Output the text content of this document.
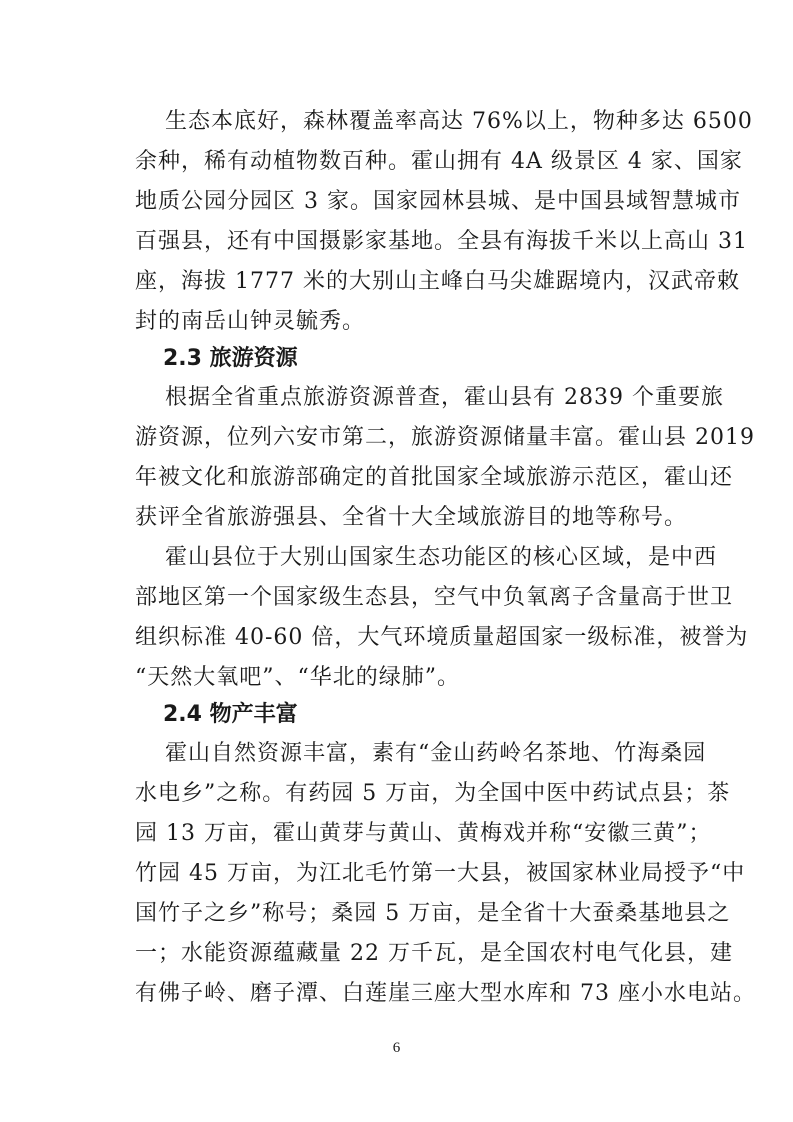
生态本底好，森林覆盖率高达 76%以上，物种多达 6500
余种，稀有动植物数百种。霍山拥有 4A 级景区 4 家、国家
地质公园分园区 3 家。国家园林县城、是中国县域智慧城市
百强县，还有中国摄影家基地。全县有海拔千米以上高山 31
座，海拔 1777 米的大别山主峰白马尖雄踞境内，汉武帝敕
封的南岳山钟灵毓秀。
2.3 旅游资源
根据全省重点旅游资源普查，霍山县有 2839 个重要旅
游资源，位列六安市第二，旅游资源储量丰富。霍山县 2019
年被文化和旅游部确定的首批国家全域旅游示范区，霍山还
获评全省旅游强县、全省十大全域旅游目的地等称号。
霍山县位于大别山国家生态功能区的核心区域，是中西
部地区第一个国家级生态县，空气中负氧离子含量高于世卫
组织标准 40-60 倍，大气环境质量超国家一级标准，被誉为
“天然大氧吧”、“华北的绿肺”。
2.4 物产丰富
霍山自然资源丰富，素有“金山药岭名茶地、竹海桑园
水电乡”之称。有药园 5 万亩，为全国中医中药试点县；茶
园 13 万亩，霍山黄芽与黄山、黄梅戏并称“安徽三黄”；
竹园 45 万亩，为江北毛竹第一大县，被国家林业局授予“中
国竹子之乡”称号；桑园 5 万亩，是全省十大蚕桑基地县之
一；水能资源蕴藏量 22 万千瓦，是全国农村电气化县，建
有佛子岭、磨子潭、白莲崖三座大型水库和 73 座小水电站。
6
